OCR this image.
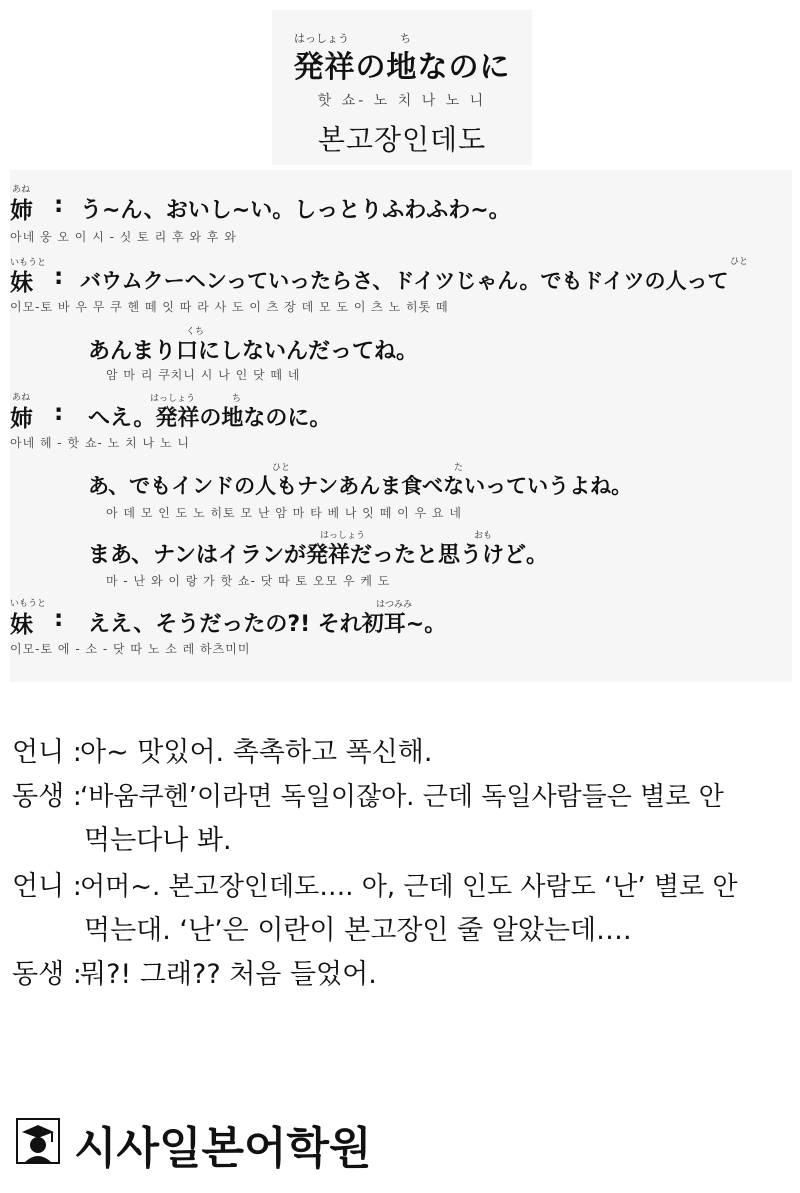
はっしょう	ち
発祥の地なのに
핫 쇼- 노 치 나 노 니
본고장인데도
あね
姉 : う~ん、おいし~い。しっとりふわふわ~。
아네 웅 오 이 시 - 싯 토 리 후 와 후 와
いもうと
妹 :
ひと
バウムクーヘンっていったらさ、ドイツじゃん。でもドイツの人って
이모-토 바 우 무 쿠 헨 떼 잇 따 라 사 도 이 츠 장 데 모 도 이 츠 노 히톳 떼
くち
あんまり口にしないんだってね。
암 마 리 쿠치니 시 나 인 닷 떼 네
あね
姉 :
はっしょう	ち
へえ。発祥の地なのに。
아네 헤 - 핫 쇼- 노 치 나 노 니
ひと	た
あ、でもインドの人もナンあんま食べないっていうよね。
아 데 모 인 도 노 히토 모 난 암 마 타 베 나 잇 떼 이 우 요 네
はっしょう	おも
まあ、ナンはイランが発祥だったと思うけど。
마 - 난 와 이 랑 가 핫 쇼- 닷 따 토 오모 우 케 도
いもうと
妹 :
はつみみ
ええ、そうだったの?! それ初耳~。
이모-토 에 - 소 - 닷 따 노 소 레 하츠미미
언니 :아~ 맛있어. 촉촉하고 폭신해.
동생 :‘바움쿠헨’이라면 독일이잖아. 근데 독일사람들은 별로 안
먹는다나 봐.
언니 :어머~. 본고장인데도…. 아, 근데 인도 사람도 ‘난’ 별로 안
먹는대. ‘난’은 이란이 본고장인 줄 알았는데….
동생 :뭐?! 그래?? 처음 들었어.
시사일본어학원
